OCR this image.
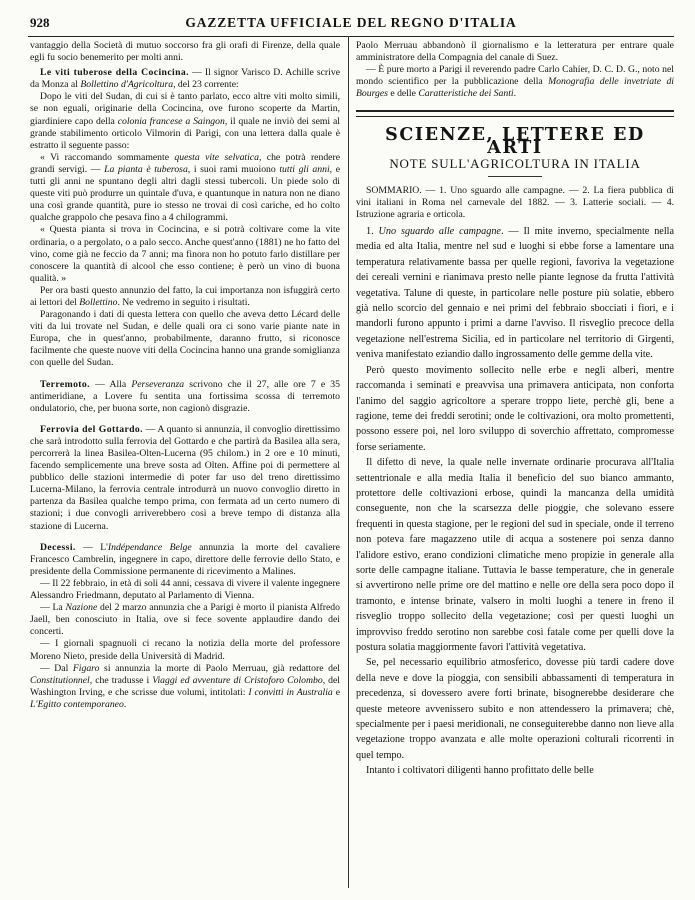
928	GAZZETTA UFFICIALE DEL REGNO D'ITALIA

vantaggio della Società di mutuo soccorso fra gli orafi di Firenze, della quale egli fu socio benemerito per molti anni.

Le viti tuberose della Cocincina. — Il signor Varisco D. Achille scrive da Monza al Bollettino d'Agricoltura, del 23 corrente:

Dopo le viti del Sudan, di cui si è tanto parlato, ecco altre viti molto simili, se non eguali, originarie della Cocincina, ove furono scoperte da Martin, giardiniere capo della colonia francese a Saingon, il quale ne inviò dei semi al grande stabilimento orticolo Vilmorin di Parigi, con una lettera dalla quale è estratto il seguente passo:

« Vi raccomando sommamente questa vite selvatica, che potrà rendere grandi servigi. — La pianta è tuberosa, i suoi rami muoiono tutti gli anni, e tutti gli anni ne spuntano degli altri dagli stessi tubercoli. Un piede solo di queste viti può produrre un quintale d'uva, e quantunque in natura non ne diano una così grande quantità, pure io stesso ne trovai di così cariche, ed ho colto qualche grappolo che pesava fino a 4 chilogrammi.

« Questa pianta si trova in Cocincina, e si potrà coltivare come la vite ordinaria, o a pergolato, o a palo secco. Anche quest'anno (1881) ne ho fatto del vino, come già ne feccio da 7 anni; ma finora non ho potuto farlo distillare per conoscere la quantità di alcool che esso contiene; è però un vino di buona qualità. »

Per ora basti questo annunzio del fatto, la cui importanza non isfuggirà certo ai lettori del Bollettino. Ne vedremo in seguito i risultati.

Paragonando i dati di questa lettera con quello che aveva detto Lécard delle viti da lui trovate nel Sudan, e delle quali ora ci sono varie piante nate in Europa, che in quest'anno, probabilmente, daranno frutto, si riconosce facilmente che queste nuove viti della Cocincina hanno una grande somiglianza con quelle del Sudan.

Terremoto. — Alla Perseveranza scrivono che il 27, alle ore 7 e 35 antimeridiane, a Lovere fu sentita una fortissima scossa di terremoto ondulatorio, che, per buona sorte, non cagionò disgrazie.

Ferrovia del Gottardo. — A quanto si annunzia, il convoglio direttissimo che sarà introdotto sulla ferrovia del Gottardo e che partirà da Basilea alla sera, percorrerà la linea Basilea-Olten-Lucerna (95 chilom.) in 2 ore e 10 minuti, facendo semplicemente una breve sosta ad Olten. Affine poi di permettere al pubblico delle stazioni intermedie di poter far uso del treno direttissimo Lucerna-Milano, la ferrovia centrale introdurrà un nuovo convoglio diretto in partenza da Basilea qualche tempo prima, con fermata ad un certo numero di stazioni; i due convogli arriverebbero così a breve tempo di distanza alla stazione di Lucerna.

Decessi. — L'Indépendance Belge annunzia la morte del cavaliere Francesco Cambrelin, ingegnere in capo, direttore delle ferrovie dello Stato, e presidente della Commissione permanente di ricevimento a Malines.

— Il 22 febbraio, in età di soli 44 anni, cessava di vivere il valente ingegnere Alessandro Friedmann, deputato al Parlamento di Vienna.

— La Nazione del 2 marzo annunzia che a Parigi è morto il pianista Alfredo Jaell, ben conosciuto in Italia, ove si fece sovente applaudire dando dei concerti.

— I giornali spagnuoli ci recano la notizia della morte del professore Moreno Nieto, preside della Università di Madrid.

— Dal Figaro si annunzia la morte di Paolo Merruau, già redattore del Constitutionnel, che tradusse i Viaggi ed avventure di Cristoforo Colombo, del Washington Irving, e che scrisse due volumi, intitolati: I convitti in Australia e L'Egitto contemporaneo.

Paolo Merruau abbandonò il giornalismo e la letteratura per entrare quale amministratore della Compagnia del canale di Suez.

— È pure morto a Parigi il reverendo padre Carlo Cahier, D. C. D. G., noto nel mondo scientifico per la pubblicazione della Monografia delle invetriate di Bourges e delle Caratteristiche dei Santi.

SCIENZE, LETTERE ED ARTI
NOTE SULL'AGRICOLTURA IN ITALIA

SOMMARIO. — 1. Uno sguardo alle campagne. — 2. La fiera pubblica di vini italiani in Roma nel carnevale del 1882. — 3. Latterie sociali. — 4. Istruzione agraria e orticola.

1. Uno sguardo alle campagne. — Il mite inverno, specialmente nella media ed alta Italia, mentre nel sud e luoghi si ebbe forse a lamentare una temperatura relativamente bassa per quelle regioni, favoriva la vegetazione dei cereali vernini e rianimava presto nelle piante legnose da frutta l'attività vegetativa. Talune di queste, in particolare nelle posture più solatie, ebbero già nello scorcio del gennaio e nei primi del febbraio sbocciati i fiori, e i mandorli furono appunto i primi a darne l'avviso. Il risveglio precoce della vegetazione nell'estrema Sicilia, ed in particolare nel territorio di Girgenti, veniva manifestato eziandio dallo ingrossamento delle gemme della vite.

Però questo movimento sollecito nelle erbe e negli alberi, mentre raccomanda i seminati e preavvisa una primavera anticipata, non conforta l'animo del saggio agricoltore a sperare troppo liete, perchè gli, bene a ragione, teme dei freddi serotini; onde le coltivazioni, ora molto promettenti, possono essere poi, nel loro sviluppo di soverchio affrettato, compromesse forse seriamente.

Il difetto di neve, la quale nelle invernate ordinarie procurava all'Italia settentrionale e alla media Italia il beneficio del suo bianco ammanto, protettore delle coltivazioni erbose, quindi la mancanza della umidità conseguente, non che la scarsezza delle pioggie, che solevano essere frequenti in questa stagione, per le regioni del sud in speciale, onde il terreno non poteva fare magazzeno utile di acqua a sostenere poi senza danno l'alidore estivo, erano condizioni climatiche meno propizie in generale alla sorte delle campagne italiane. Tuttavia le basse temperature, che in generale si avvertirono nelle prime ore del mattino e nelle ore della sera poco dopo il tramonto, e intense brinate, valsero in molti luoghi a tenere in freno il risveglio troppo sollecito della vegetazione; così per questi luoghi un improvviso freddo serotino non sarebbe così fatale come per quelli dove la postura solatia maggiormente favori l'attività vegetativa.

Se, pel necessario equilibrio atmosferico, dovesse più tardi cadere dove della neve e dove la pioggia, con sensibili abbassamenti di temperatura in precedenza, si dovessero avere forti brinate, bisognerebbe desiderare che queste meteore avvenissero subito e non attendessero la primavera; chè, specialmente per i paesi meridionali, ne conseguiterebbe danno non lieve alla vegetazione troppo avanzata e alle molte operazioni colturali ricorrenti in quel tempo.

Intanto i coltivatori diligenti hanno profittato delle belle
